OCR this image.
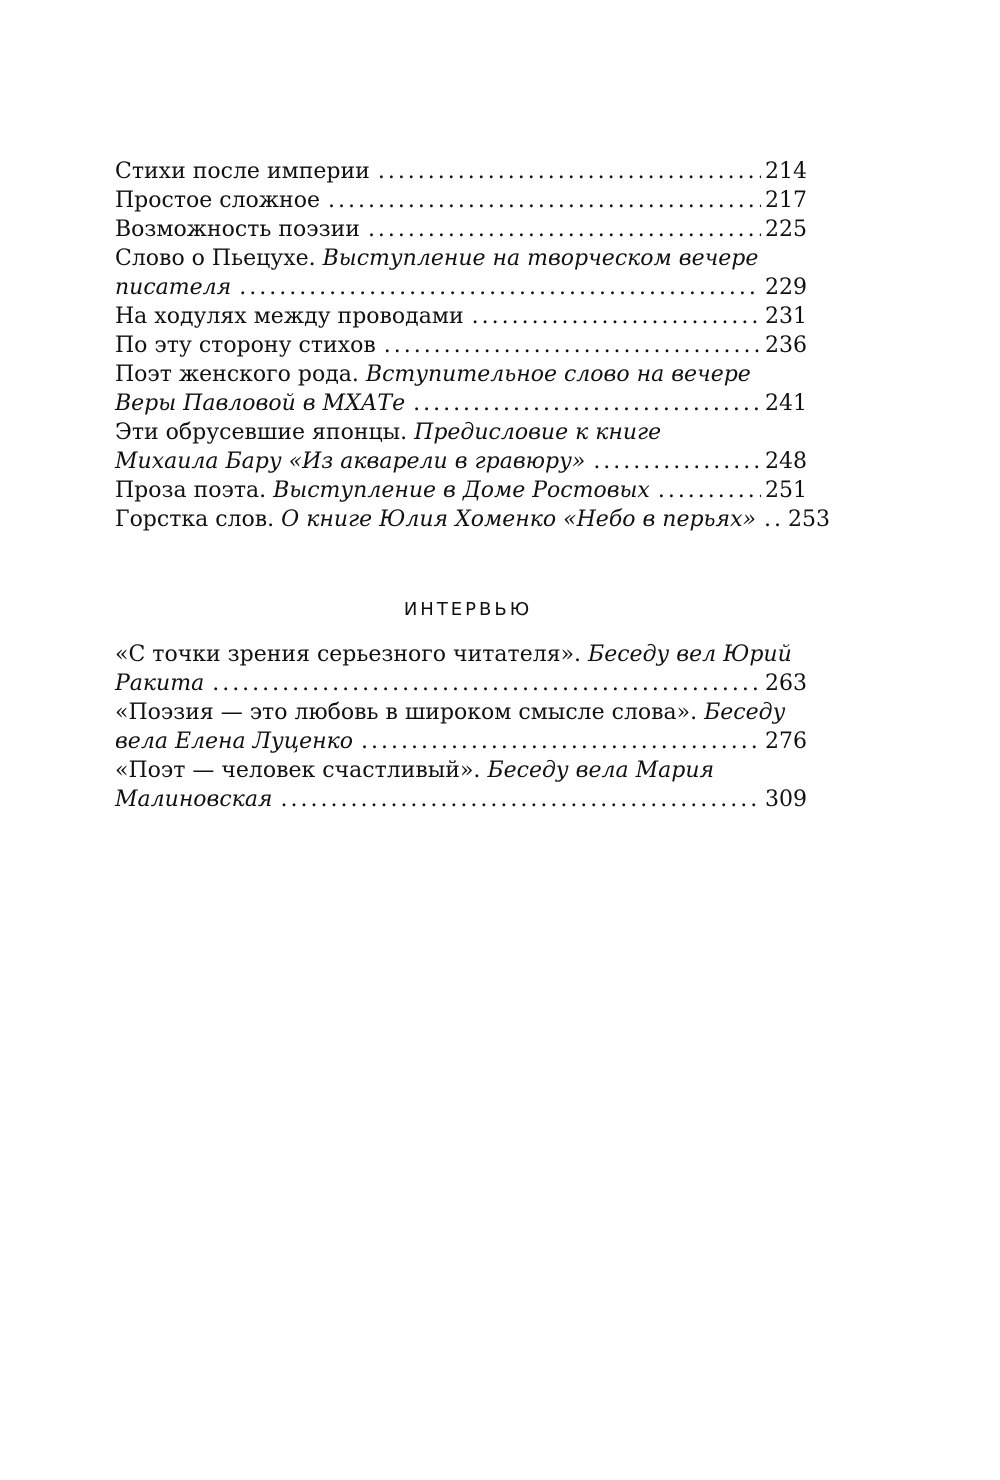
Стихи после империи .....	214
Простое сложное .....	217
Возможность поэзии .....	225
Слово о Пьецухе. Выступление на творческом вечере
писателя .....	229
На ходулях между проводами .....	231
По эту сторону стихов .....	236
Поэт женского рода. Вступительное слово на вечере
Веры Павловой в МХАТе .....	241
Эти обрусевшие японцы. Предисловие к книге
Михаила Бару «Из акварели в гравюру» .....	248
Проза поэта. Выступление в Доме Ростовых .....	251
Горстка слов. О книге Юлия Хоменко «Небо в перьях» ..... 253
ИНТЕРВЬЮ
«С точки зрения серьезного читателя». Беседу вел Юрий
Ракита .....	263
«Поэзия — это любовь в широком смысле слова». Беседу
вела Елена Луценко .....	276
«Поэт — человек счастливый». Беседу вела Мария
Малиновская .....	309
